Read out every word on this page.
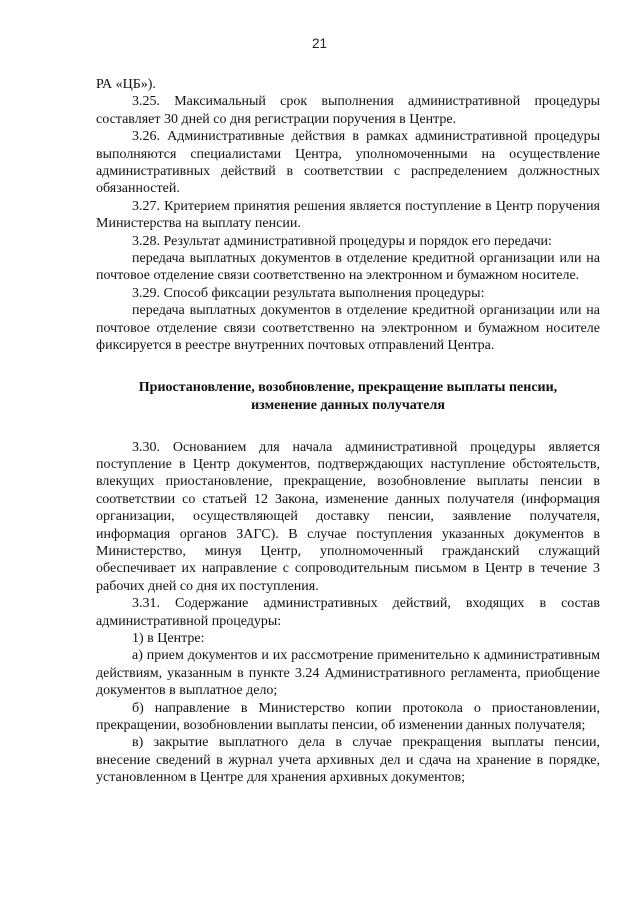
21

РА «ЦБ»).

3.25. Максимальный срок выполнения административной процедуры составляет 30 дней со дня регистрации поручения в Центре.

3.26. Административные действия в рамках административной процедуры выполняются специалистами Центра, уполномоченными на осуществление административных действий в соответствии с распределением должностных обязанностей.

3.27. Критерием принятия решения является поступление в Центр поручения Министерства на выплату пенсии.

3.28. Результат административной процедуры и порядок его передачи:

передача выплатных документов в отделение кредитной организации или на почтовое отделение связи соответственно на электронном и бумажном носителе.

3.29. Способ фиксации результата выполнения процедуры:

передача выплатных документов в отделение кредитной организации или на почтовое отделение связи соответственно на электронном и бумажном носителе фиксируется в реестре внутренних почтовых отправлений Центра.

Приостановление, возобновление, прекращение выплаты пенсии,
изменение данных получателя

3.30. Основанием для начала административной процедуры является поступление в Центр документов, подтверждающих наступление обстоятельств, влекущих приостановление, прекращение, возобновление выплаты пенсии в соответствии со статьей 12 Закона, изменение данных получателя (информация организации, осуществляющей доставку пенсии, заявление получателя, информация органов ЗАГС). В случае поступления указанных документов в Министерство, минуя Центр, уполномоченный гражданский служащий обеспечивает их направление с сопроводительным письмом в Центр в течение 3 рабочих дней со дня их поступления.

3.31. Содержание административных действий, входящих в состав административной процедуры:

1) в Центре:

а) прием документов и их рассмотрение применительно к административным действиям, указанным в пункте 3.24 Административного регламента, приобщение документов в выплатное дело;

б) направление в Министерство копии протокола о приостановлении, прекращении, возобновлении выплаты пенсии, об изменении данных получателя;

в) закрытие выплатного дела в случае прекращения выплаты пенсии, внесение сведений в журнал учета архивных дел и сдача на хранение в порядке, установленном в Центре для хранения архивных документов;
